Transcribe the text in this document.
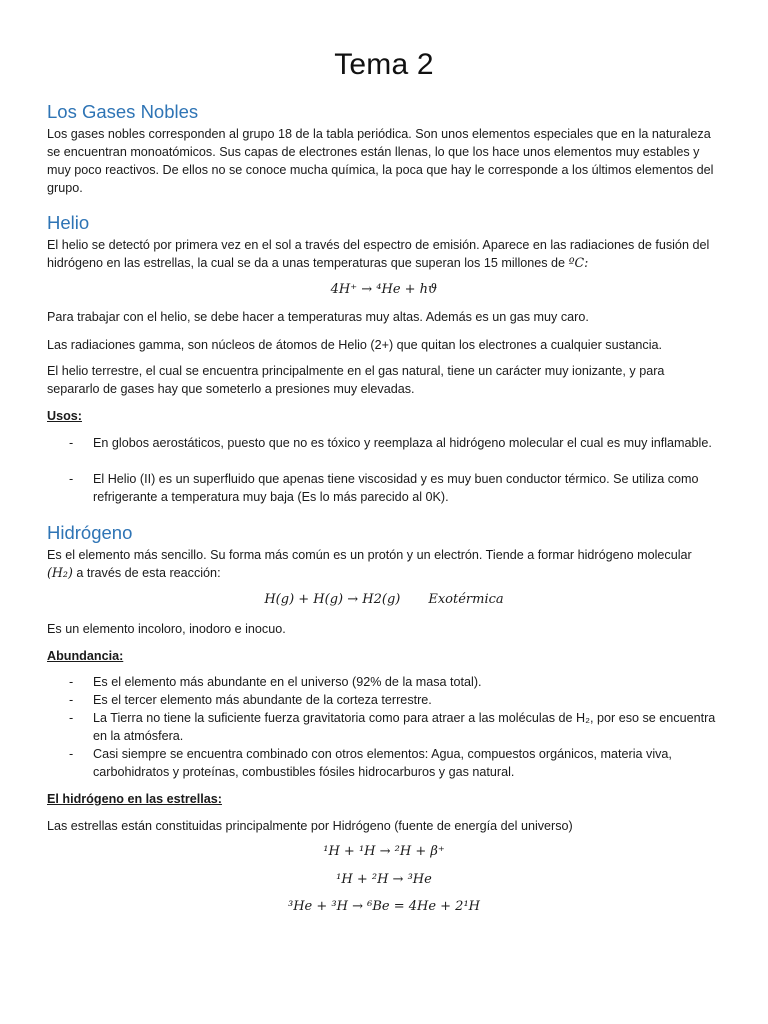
Tema 2
Los Gases Nobles

Los gases nobles corresponden al grupo 18 de la tabla periódica. Son unos elementos especiales que en la naturaleza se encuentran monoatómicos. Sus capas de electrones están llenas, lo que los hace unos elementos muy estables y muy poco reactivos. De ellos no se conoce mucha química, la poca que hay le corresponde a los últimos elementos del grupo.

Helio

El helio se detectó por primera vez en el sol a través del espectro de emisión. Aparece en las radiaciones de fusión del hidrógeno en las estrellas, la cual se da a unas temperaturas que superan los 15 millones de ºC:

4H⁺ → ⁴He + hϑ

Para trabajar con el helio, se debe hacer a temperaturas muy altas. Además es un gas muy caro.

Las radiaciones gamma, son núcleos de átomos de Helio (2+) que quitan los electrones a cualquier sustancia.

El helio terrestre, el cual se encuentra principalmente en el gas natural, tiene un carácter muy ionizante, y para separarlo de gases hay que someterlo a presiones muy elevadas.

Usos:
- En globos aerostáticos, puesto que no es tóxico y reemplaza al hidrógeno molecular el cual es muy inflamable.
- El Helio (II) es un superfluido que apenas tiene viscosidad y es muy buen conductor térmico. Se utiliza como refrigerante a temperatura muy baja (Es lo más parecido al 0K).
Hidrógeno

Es el elemento más sencillo. Su forma más común es un protón y un electrón. Tiende a formar hidrógeno molecular (H₂) a través de esta reacción:

H(g) + H(g) → H2(g) Exotérmica

Es un elemento incoloro, inodoro e inocuo.

Abundancia:
- Es el elemento más abundante en el universo (92% de la masa total).
- Es el tercer elemento más abundante de la corteza terrestre.
- La Tierra no tiene la suficiente fuerza gravitatoria como para atraer a las moléculas de H₂, por eso se encuentra en la atmósfera.
- Casi siempre se encuentra combinado con otros elementos: Agua, compuestos orgánicos, materia viva, carbohidratos y proteínas, combustibles fósiles hidrocarburos y gas natural.
El hidrógeno en las estrellas:

Las estrellas están constituidas principalmente por Hidrógeno (fuente de energía del universo)

¹H + ¹H → ²H + β⁺
¹H + ²H → ³He
³He + ³H → ⁶Be = 4He + 2¹H
